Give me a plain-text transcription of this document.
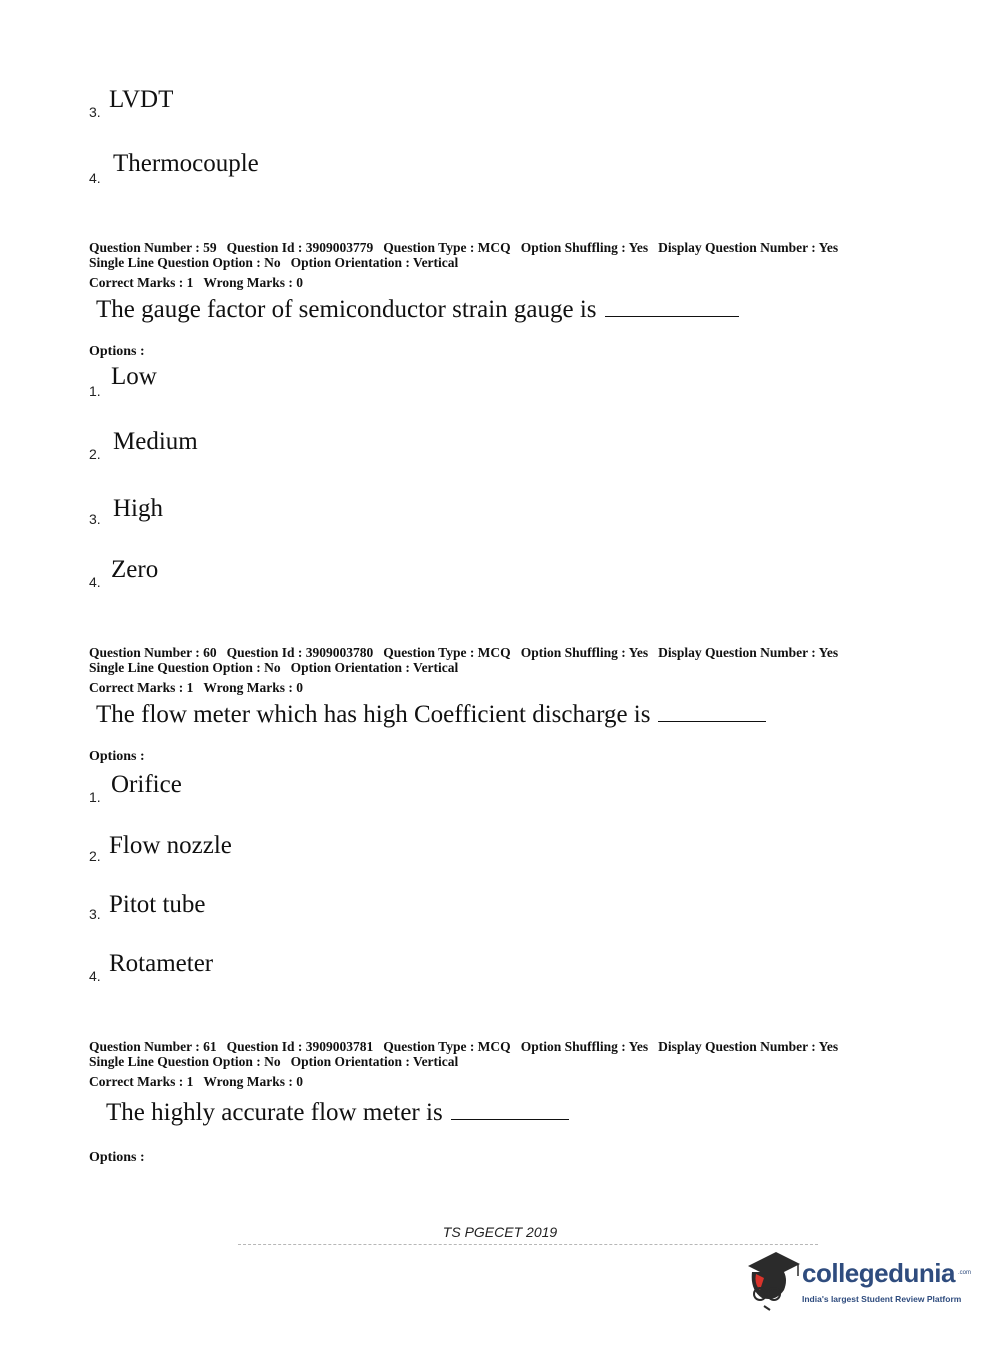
3. LVDT
4.
Thermocouple
Question Number : 59 Question Id : 3909003779 Question Type : MCQ Option Shuffling : Yes Display Question Number : Yes
Single Line Question Option : No Option Orientation : Vertical
Correct Marks : 1 Wrong Marks : 0
The gauge factor of semiconductor strain gauge is
Options :
1.
Low
2. Medium
3. High
4. Zero
Question Number : 60 Question Id : 3909003780 Question Type : MCQ Option Shuffling : Yes Display Question Number : Yes
Single Line Question Option : No Option Orientation : Vertical
Correct Marks : 1 Wrong Marks : 0
The flow meter which has high Coefficient discharge is
Options :
1. Orifice
2. Flow nozzle
3. Pitot tube
4. Rotameter
Question Number : 61 Question Id : 3909003781 Question Type : MCQ Option Shuffling : Yes Display Question Number : Yes
Single Line Question Option : No Option Orientation : Vertical
Correct Marks : 1 Wrong Marks : 0
The highly accurate flow meter is
Options :
TS PGECET 2019
collegedunia .com
India's largest Student Review Platform
